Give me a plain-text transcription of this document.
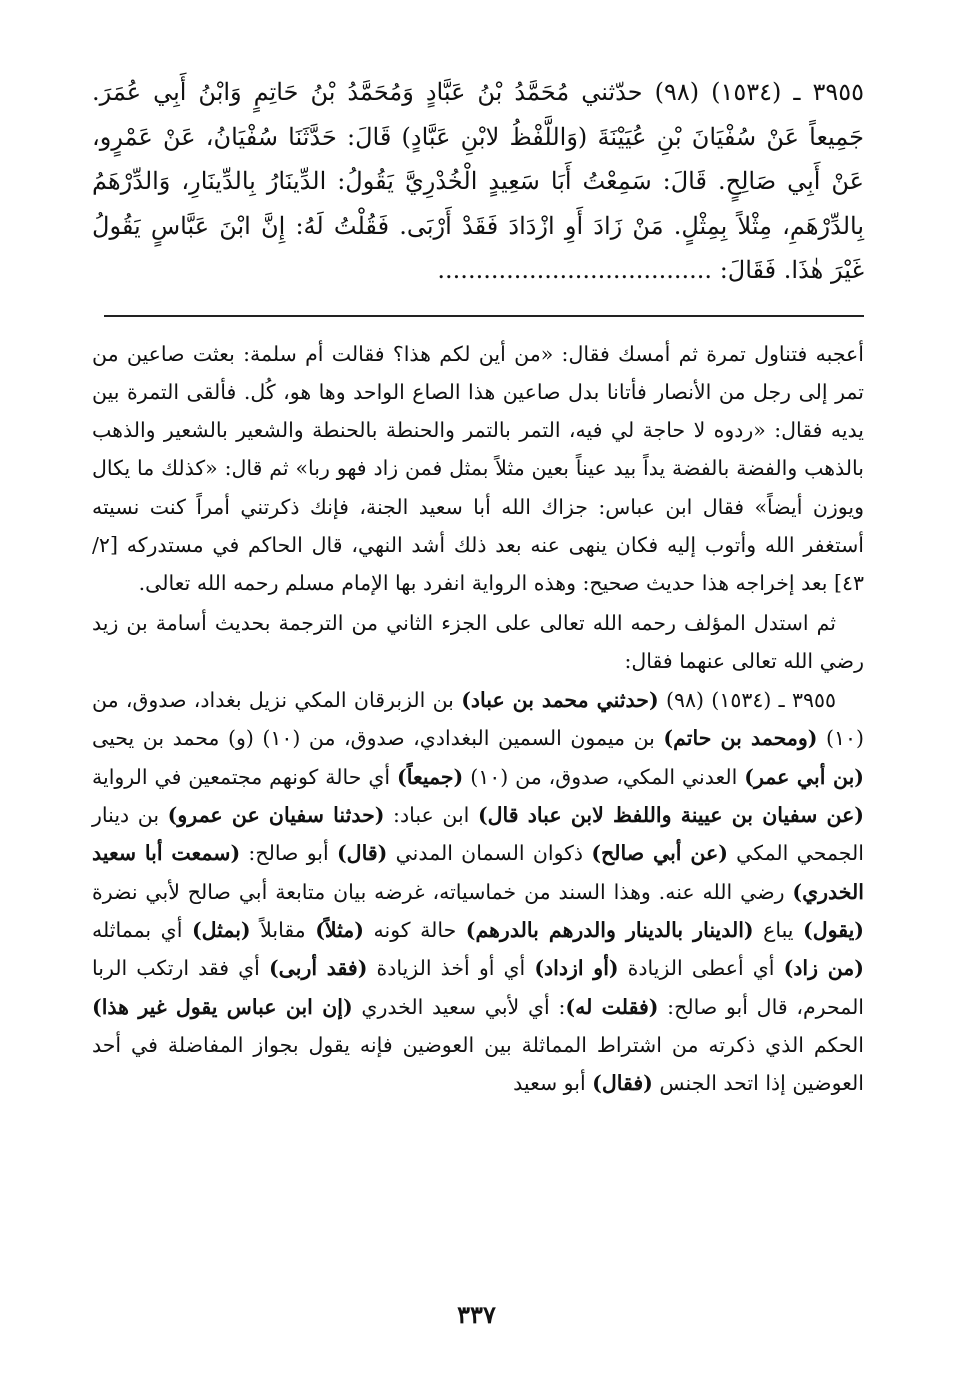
٣٩٥٥ ـ (١٥٣٤) (٩٨) حدّثني مُحَمَّدُ بْنُ عَبَّادٍ وَمُحَمَّدُ بْنُ حَاتِمٍ وَابْنُ أَبِي عُمَرَ. جَمِيعاً عَنْ سُفْيَانَ بْنِ عُيَيْنَةَ (وَاللَّفْظُ لابْنِ عَبَّادٍ) قَالَ: حَدَّثَنَا سُفْيَانُ، عَنْ عَمْرٍو، عَنْ أَبِي صَالِحٍ. قَالَ: سَمِعْتُ أَبَا سَعِيدٍ الْخُدْرِيَّ يَقُولُ: الدِّينَارُ بِالدِّينَارِ، وَالدِّرْهَمُ بِالدِّرْهَمِ، مِثْلاً بِمِثْلٍ. مَنْ زَادَ أَوِ ازْدَادَ فَقَدْ أَرْبَى. فَقُلْتُ لَهُ: إِنَّ ابْنَ عَبَّاسٍ يَقُولُ غَيْرَ هٰذَا. فَقَالَ: ....................................

أعجبه فتناول تمرة ثم أمسك فقال: «من أين لكم هذا؟ فقالت أم سلمة: بعثت صاعين من تمر إلى رجل من الأنصار فأتانا بدل صاعين هذا الصاع الواحد وها هو، كُل. فألقى التمرة بين يديه فقال: «ردوه لا حاجة لي فيه، التمر بالتمر والحنطة بالحنطة والشعير بالشعير والذهب بالذهب والفضة بالفضة يداً بيد عيناً بعين مثلاً بمثل فمن زاد فهو ربا» ثم قال: «كذلك ما يكال ويوزن أيضاً» فقال ابن عباس: جزاك الله أبا سعيد الجنة، فإنك ذكرتني أمراً كنت نسيته أستغفر الله وأتوب إليه فكان ينهى عنه بعد ذلك أشد النهي، قال الحاكم في مستدركه [٢/ ٤٣] بعد إخراجه هذا حديث صحيح: وهذه الرواية انفرد بها الإمام مسلم رحمه الله تعالى.

ثم استدل المؤلف رحمه الله تعالى على الجزء الثاني من الترجمة بحديث أسامة بن زيد رضي الله تعالى عنهما فقال:

٣٩٥٥ ـ (١٥٣٤) (٩٨) (حدثني محمد بن عباد) بن الزبرقان المكي نزيل بغداد، صدوق، من (١٠) (ومحمد بن حاتم) بن ميمون السمين البغدادي، صدوق، من (١٠) (و) محمد بن يحيى (بن أبي عمر) العدني المكي، صدوق، من (١٠) (جميعاً) أي حالة كونهم مجتمعين في الرواية (عن سفيان بن عيينة واللفظ لابن عباد قال) ابن عباد: (حدثنا سفيان عن عمرو) بن دينار الجمحي المكي (عن أبي صالح) ذكوان السمان المدني (قال) أبو صالح: (سمعت أبا سعيد الخدري) رضي الله عنه. وهذا السند من خماسياته، غرضه بيان متابعة أبي صالح لأبي نضرة (يقول) يباع (الدينار بالدينار والدرهم بالدرهم) حالة كونه (مثلاً) مقابلاً (بمثل) أي بمماثله (من زاد) أي أعطى الزيادة (أو ازداد) أي أو أخذ الزيادة (فقد أربى) أي فقد ارتكب الربا المحرم، قال أبو صالح: (فقلت له): أي لأبي سعيد الخدري (إن ابن عباس يقول غير هذا) الحكم الذي ذكرته من اشتراط المماثلة بين العوضين فإنه يقول بجواز المفاضلة في أحد العوضين إذا اتحد الجنس (فقال) أبو سعيد

٣٣٧
